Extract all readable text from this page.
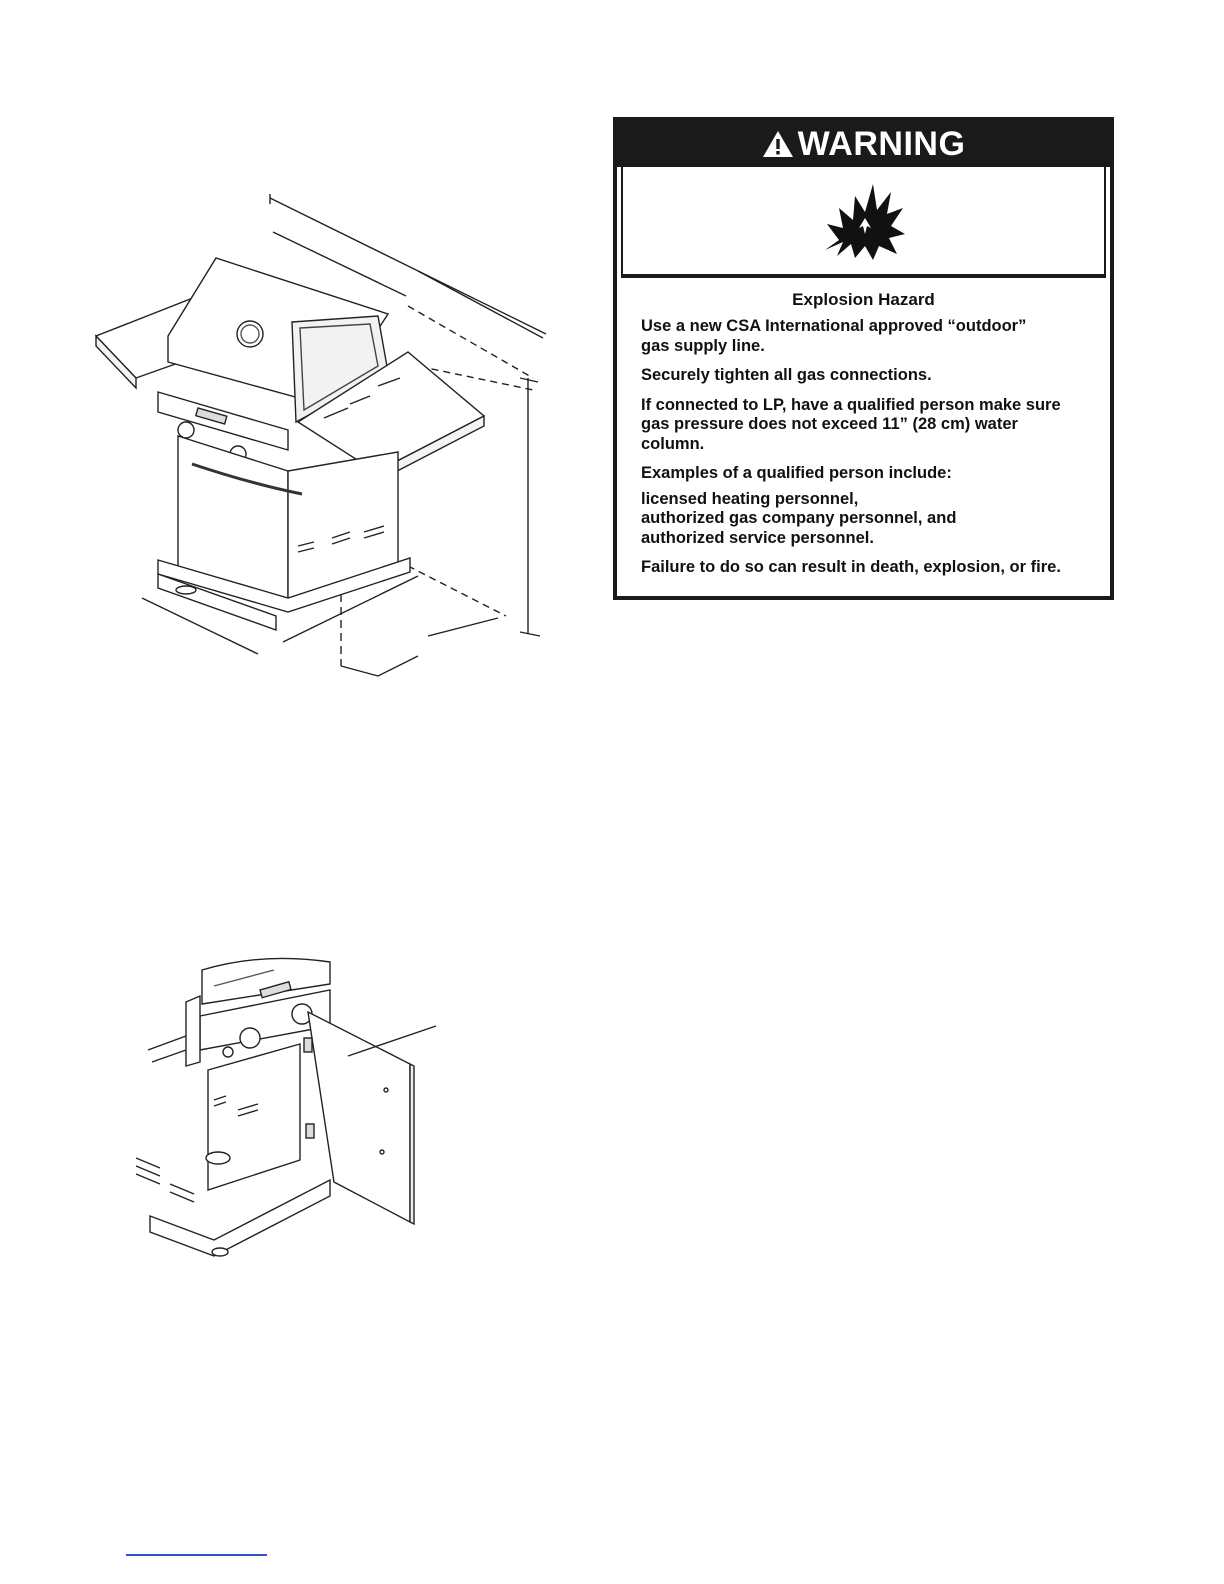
WARNING

Explosion Hazard

Use a new CSA International approved “outdoor”
gas supply line.

Securely tighten all gas connections.

If connected to LP, have a qualified person make sure
gas pressure does not exceed 11” (28 cm) water
column.

Examples of a qualified person include:

licensed heating personnel,
authorized gas company personnel, and
authorized service personnel.

Failure to do so can result in death, explosion, or fire.
